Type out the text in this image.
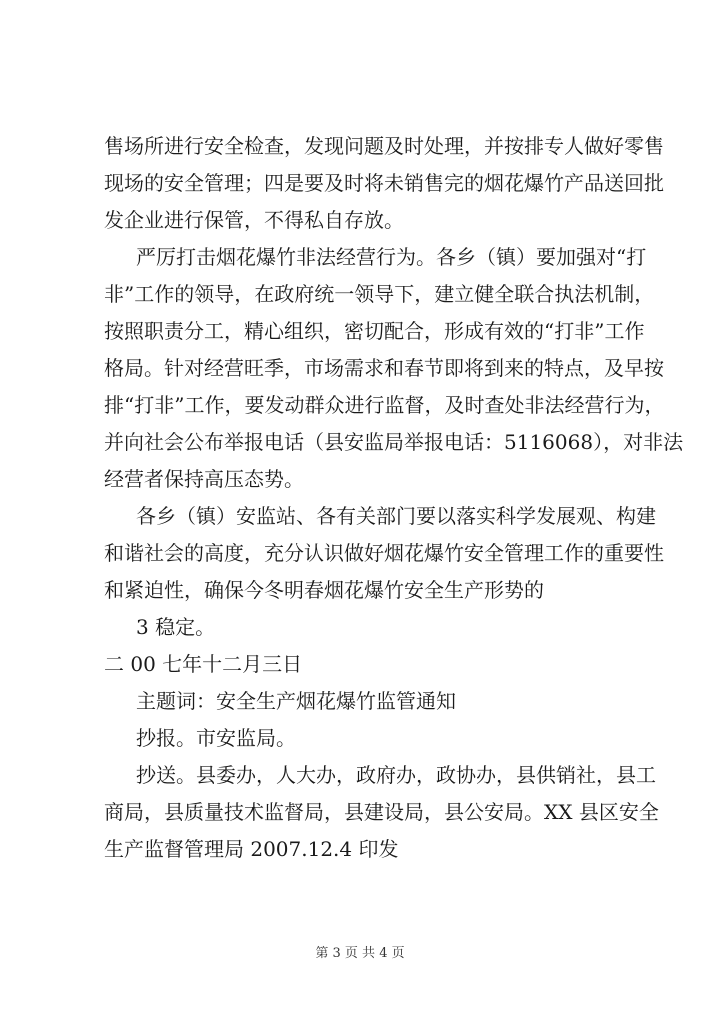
售场所进行安全检查，发现问题及时处理，并按排专人做好零售
现场的安全管理；四是要及时将未销售完的烟花爆竹产品送回批
发企业进行保管，不得私自存放。
严厉打击烟花爆竹非法经营行为。各乡（镇）要加强对“打
非”工作的领导，在政府统一领导下，建立健全联合执法机制，
按照职责分工，精心组织，密切配合，形成有效的“打非”工作
格局。针对经营旺季，市场需求和春节即将到来的特点，及早按
排“打非”工作，要发动群众进行监督，及时查处非法经营行为，
并向社会公布举报电话（县安监局举报电话：5116068），对非法
经营者保持高压态势。
各乡（镇）安监站、各有关部门要以落实科学发展观、构建
和谐社会的高度，充分认识做好烟花爆竹安全管理工作的重要性
和紧迫性，确保今冬明春烟花爆竹安全生产形势的
3 稳定。
二 00 七年十二月三日
主题词：安全生产烟花爆竹监管通知
抄报。市安监局。
抄送。县委办，人大办，政府办，政协办，县供销社，县工
商局，县质量技术监督局，县建设局，县公安局。XX 县区安全
生产监督管理局 2007.12.4 印发
第 3 页 共 4 页
